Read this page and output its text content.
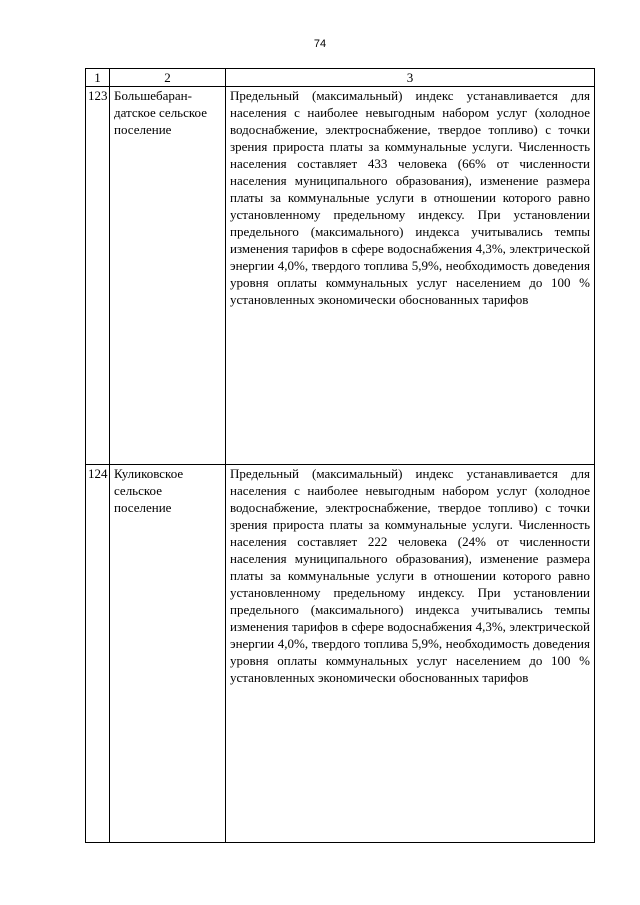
74
1	2	3
123	Большебаран-датское сельское поселение	Предельный (максимальный) индекс устанавливается для населения с наиболее невыгодным набором услуг (холодное водоснабжение, электроснабжение, твердое топливо) с точки зрения прироста платы за коммунальные услуги. Численность населения составляет 433 человека (66% от численности населения муниципального образования), изменение размера платы за коммунальные услуги в отношении которого равно установленному предельному индексу. При установлении предельного (максимального) индекса учитывались темпы изменения тарифов в сфере водоснабжения 4,3%, электрической энергии 4,0%, твердого топлива 5,9%, необходимость доведения уровня оплаты коммунальных услуг населением до 100 % установленных экономически обоснованных тарифов
124	Куликовское сельское поселение	Предельный (максимальный) индекс устанавливается для населения с наиболее невыгодным набором услуг (холодное водоснабжение, электроснабжение, твердое топливо) с точки зрения прироста платы за коммунальные услуги. Численность населения составляет 222 человека (24% от численности населения муниципального образования), изменение размера платы за коммунальные услуги в отношении которого равно установленному предельному индексу. При установлении предельного (максимального) индекса учитывались темпы изменения тарифов в сфере водоснабжения 4,3%, электрической энергии 4,0%, твердого топлива 5,9%, необходимость доведения уровня оплаты коммунальных услуг населением до 100 % установленных экономически обоснованных тарифов
